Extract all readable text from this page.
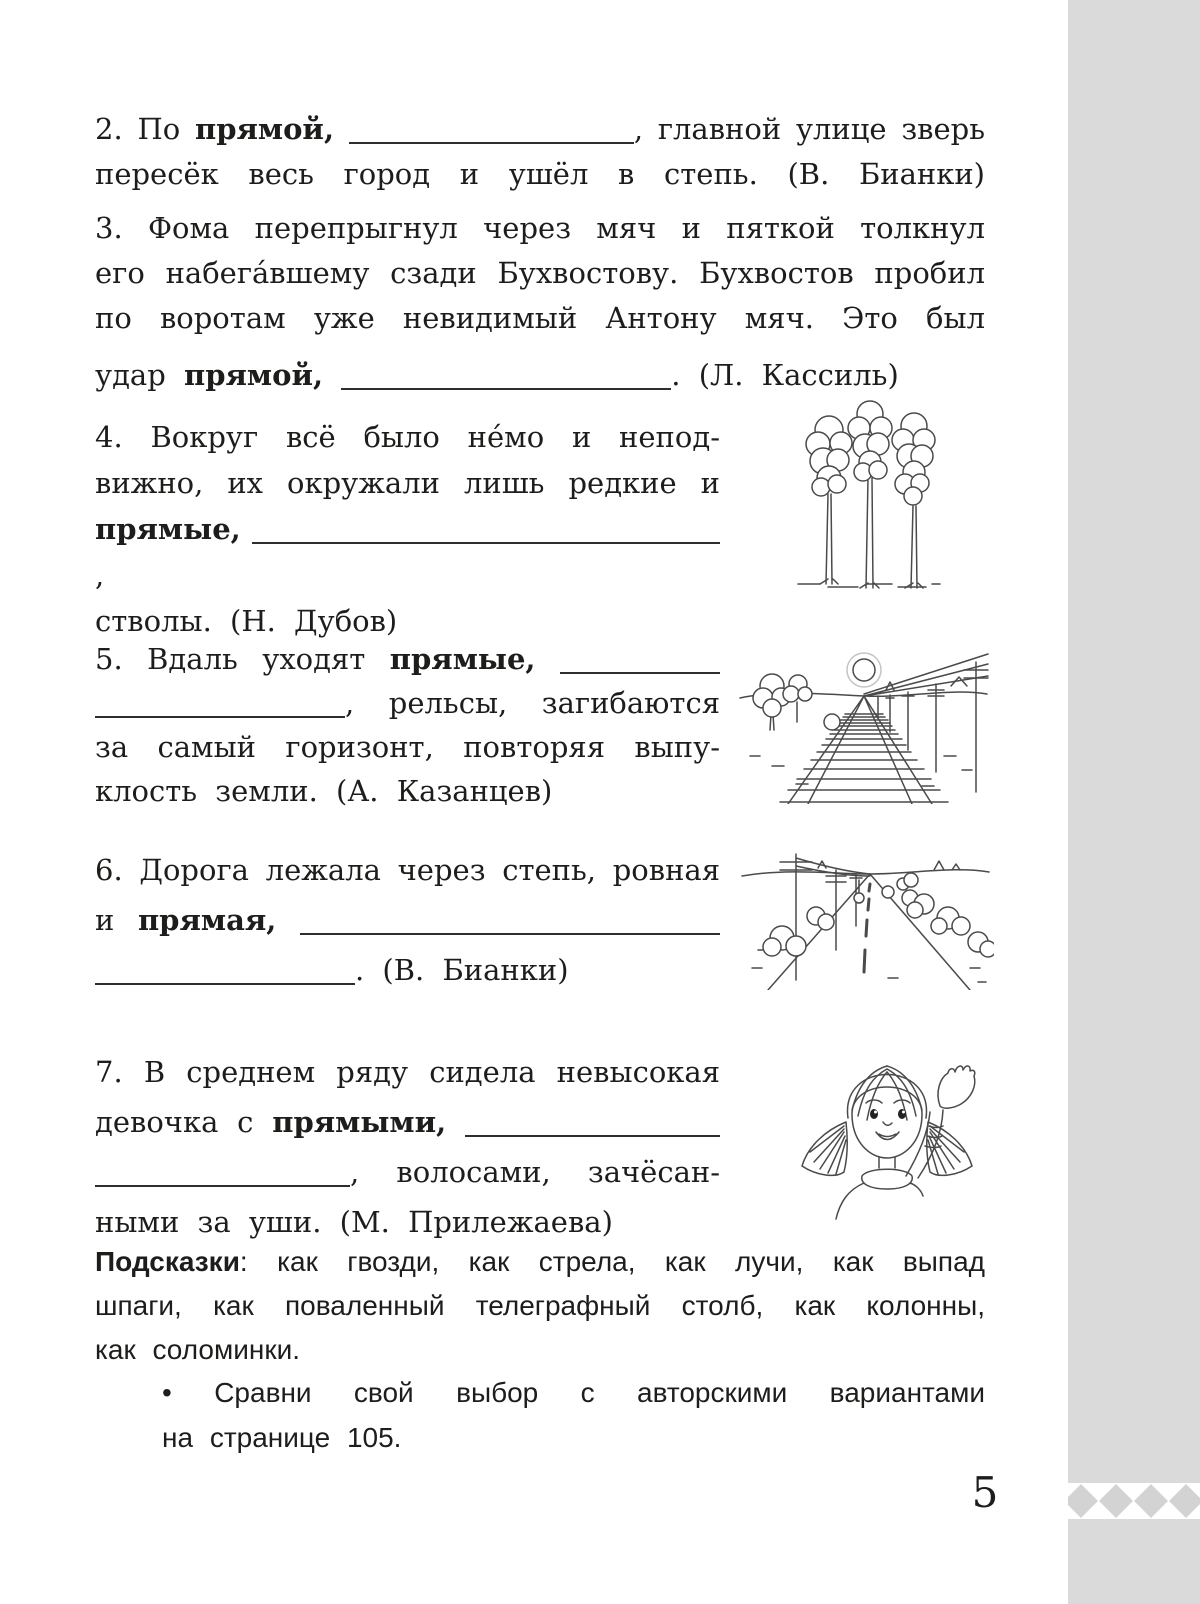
2. По прямой,	, главной улице зверь
пересёк весь город и ушёл в степь. (В. Бианки)
3. Фома перепрыгнул через мяч и пяткой толкнул
его набега́вшему сзади Бухвостову. Бухвостов пробил
по воротам уже невидимый Антону мяч. Это был
удар прямой,	. (Л. Кассиль)
4. Вокруг всё было не́мо и непод-
вижно, их окружали лишь редкие и
прямые, ,
стволы. (Н. Дубов)
5. Вдаль уходят прямые,
, рельсы, загибаются
за самый горизонт, повторяя выпу-
клость земли. (А. Казанцев)
6. Дорога лежала через степь, ровная
и прямая,
. (В. Бианки)
7. В среднем ряду сидела невысокая
девочка с прямыми,
, волосами, зачёсан-
ными за уши. (М. Прилежаева)
Подсказки: как гвозди, как стрела, как лучи, как выпад
шпаги, как поваленный телеграфный столб, как колонны,
как соломинки.
• Сравни свой выбор с авторскими вариантами
на странице 105.
5
